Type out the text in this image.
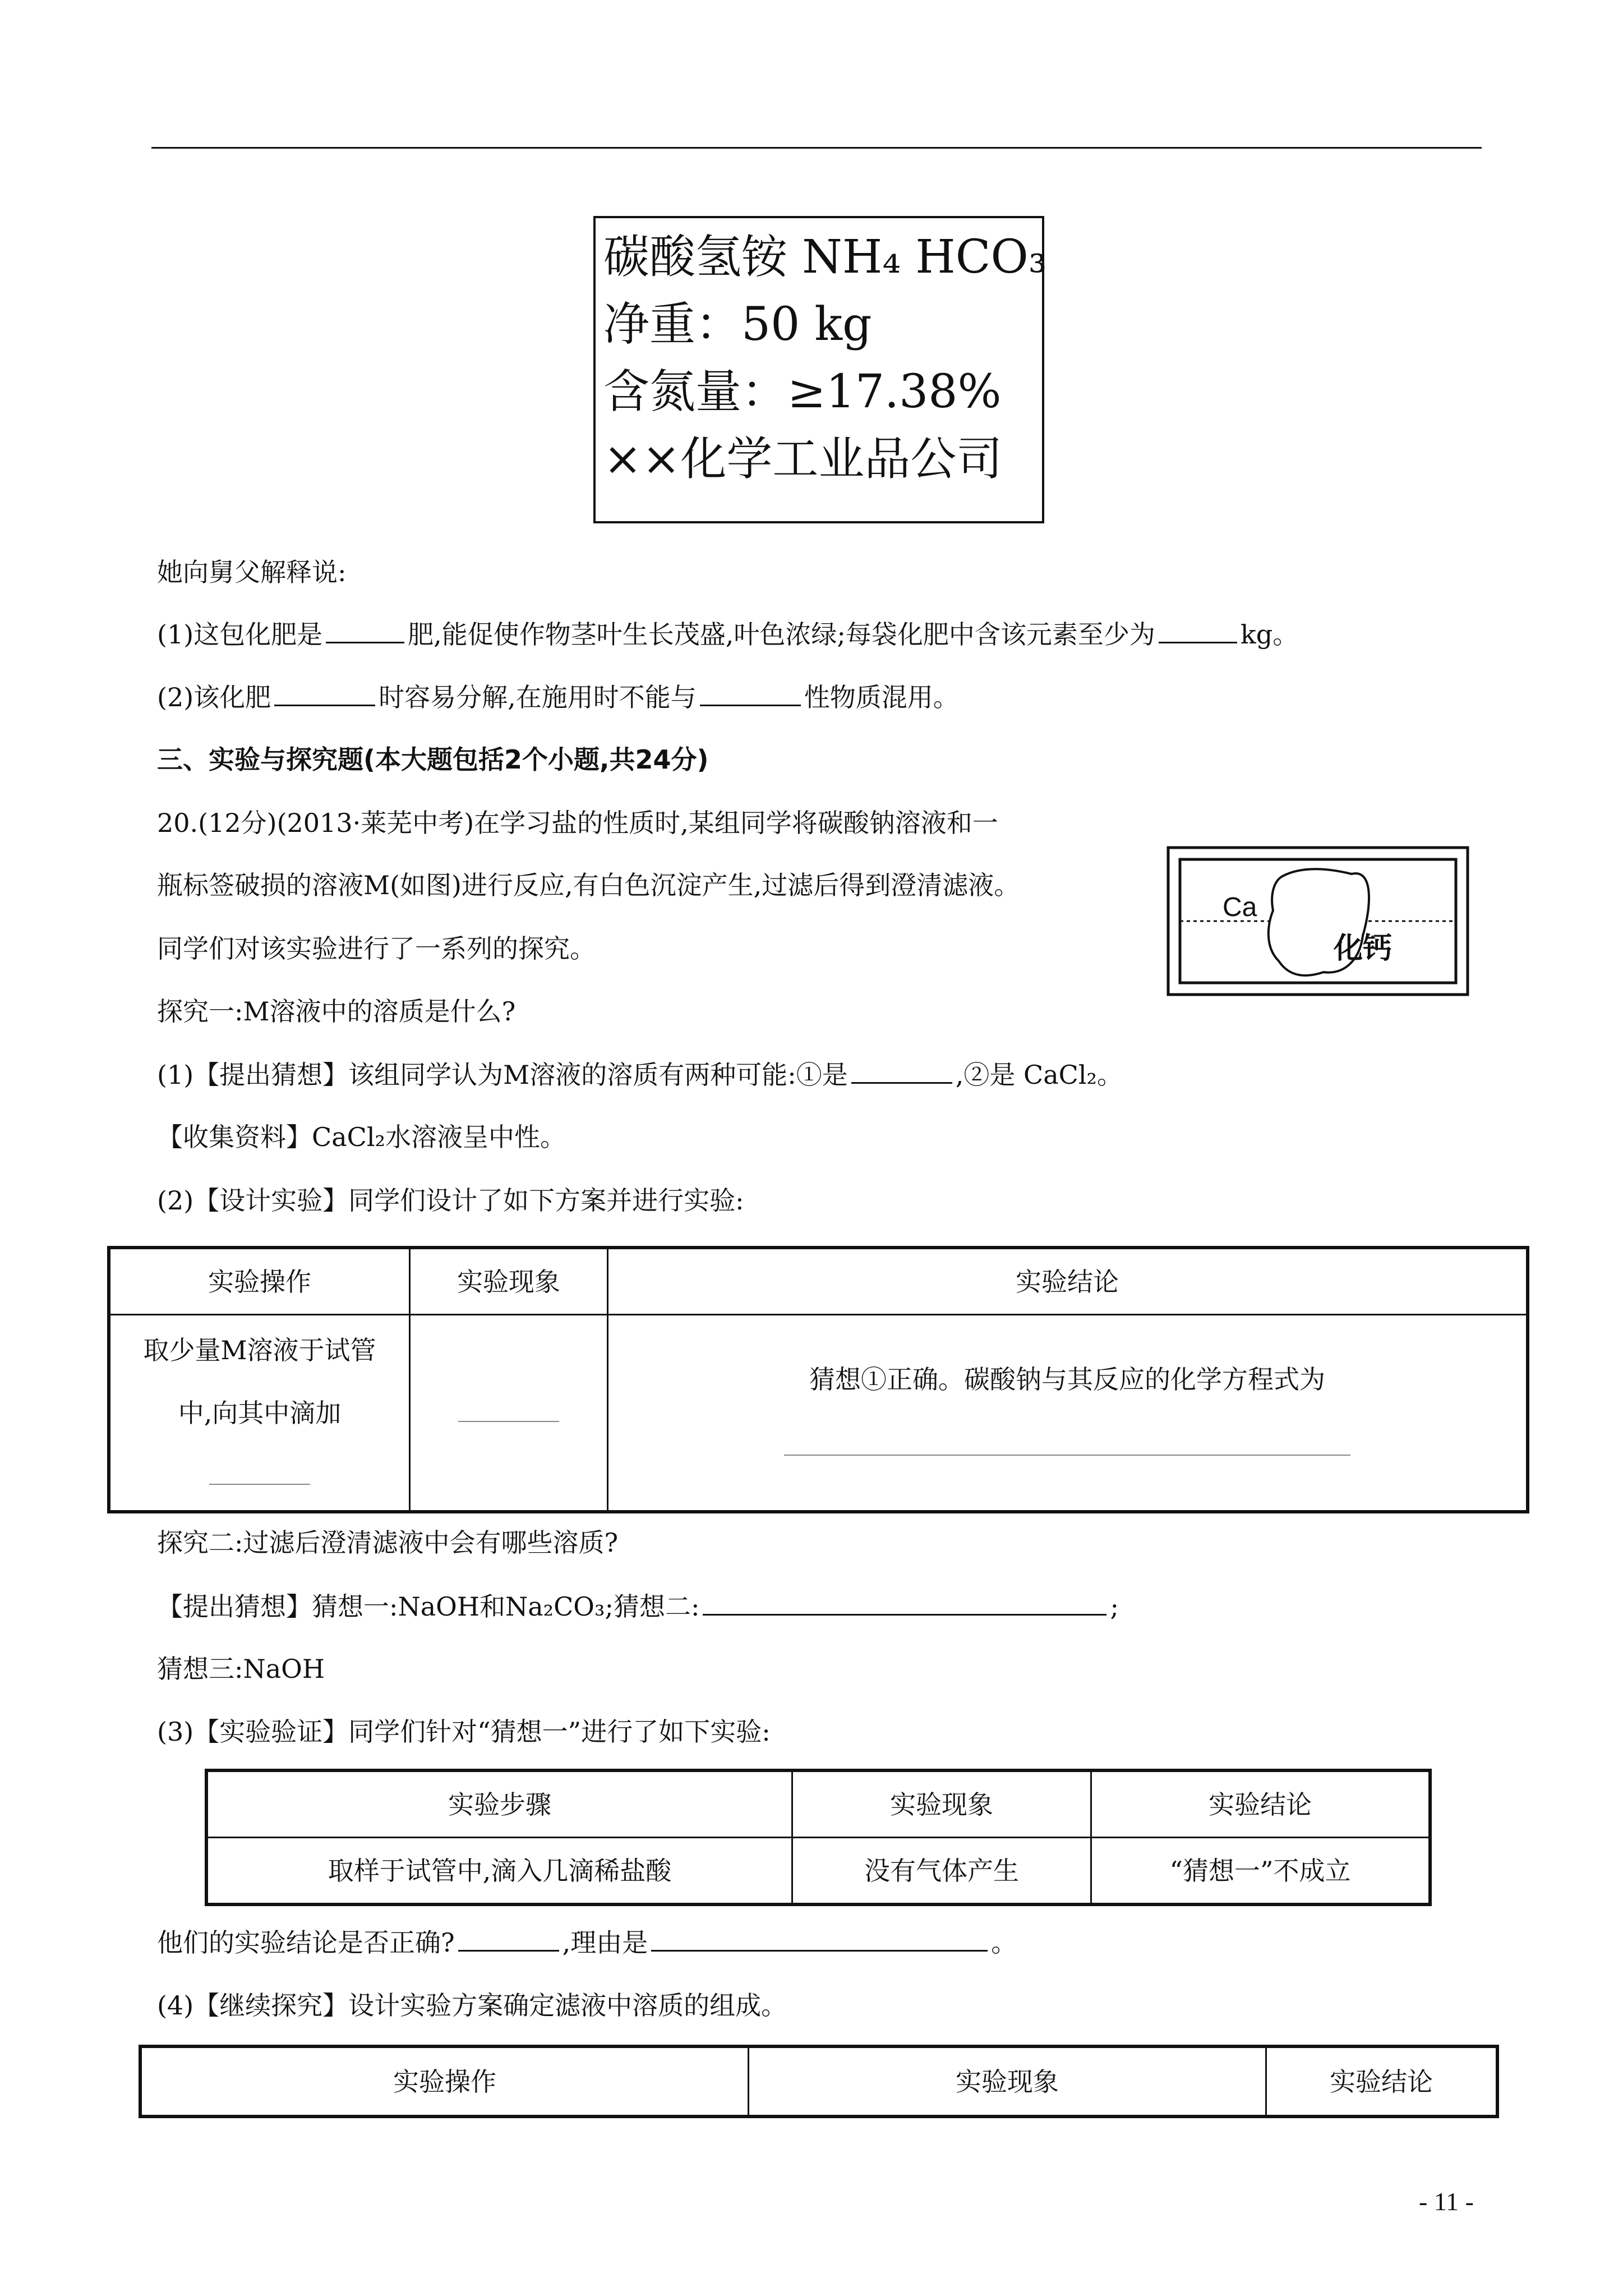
碳酸氢铵 NH₄ HCO₃
净重：50 kg
含氮量：≥17.38%
××化学工业品公司
她向舅父解释说:
(1)这包化肥是	肥,能促使作物茎叶生长茂盛,叶色浓绿;每袋化肥中含该元素至少为	kg。
(2)该化肥	时容易分解,在施用时不能与	性物质混用。
三、实验与探究题(本大题包括2个小题,共24分)
20.(12分)(2013·莱芜中考)在学习盐的性质时,某组同学将碳酸钠溶液和一
瓶标签破损的溶液M(如图)进行反应,有白色沉淀产生,过滤后得到澄清滤液。
同学们对该实验进行了一系列的探究。
Ca
化钙
探究一:M溶液中的溶质是什么?
(1)【提出猜想】该组同学认为M溶液的溶质有两种可能:①是	,②是 CaCl₂。
【收集资料】CaCl₂水溶液呈中性。
(2)【设计实验】同学们设计了如下方案并进行实验:
实验操作	实验现象	实验结论

取少量M溶液于试管
中,向其中滴加		猜想①正确。碳酸钠与其反应的化学方程式为
探究二:过滤后澄清滤液中会有哪些溶质?
【提出猜想】猜想一:NaOH和Na₂CO₃;猜想二:	;
猜想三:NaOH
(3)【实验验证】同学们针对“猜想一”进行了如下实验:
实验步骤	实验现象	实验结论
取样于试管中,滴入几滴稀盐酸	没有气体产生	“猜想一”不成立
他们的实验结论是否正确?	,理由是	。
(4)【继续探究】设计实验方案确定滤液中溶质的组成。
实验操作	实验现象	实验结论
- 11 -
